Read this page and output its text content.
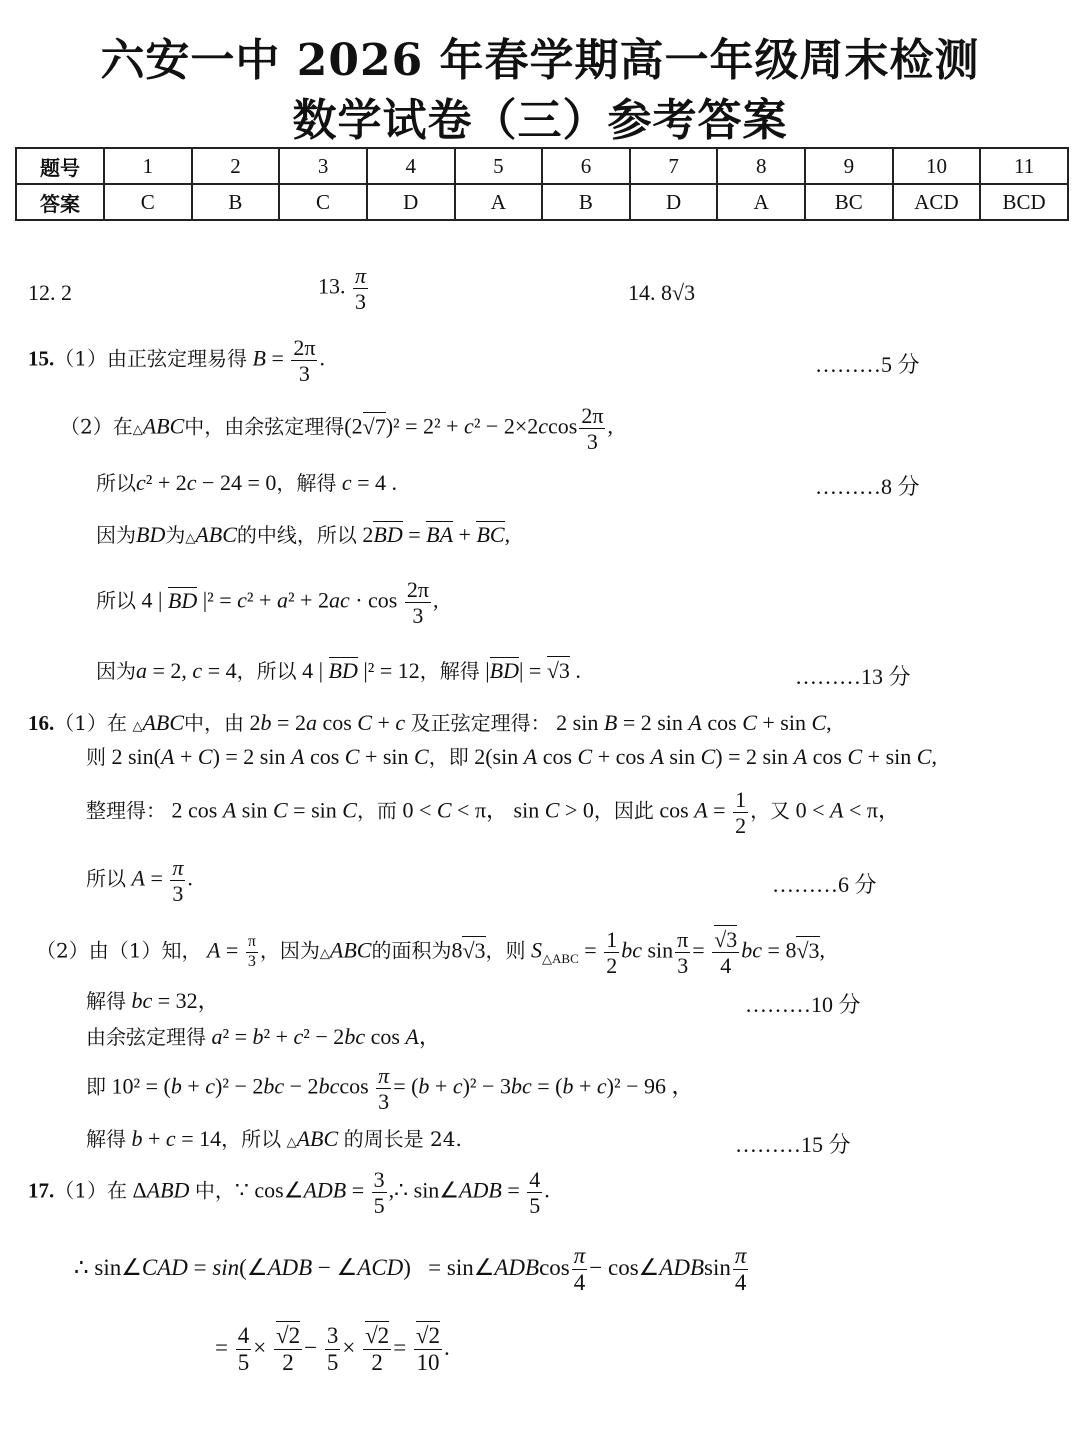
六安一中 2026 年春学期高一年级周末检测
数学试卷（三）参考答案
题号	1	2	3	4	5	6	7	8	9	10	11
答案	C	B	C	D	A	B	D	A	BC	ACD	BCD
12. 2	13. $\frac{\pi}{3}$	14. 8√3
15.（1）由正弦定理易得 $B = \frac{2\pi}{3}$ .	………5 分
（2）在△ABC中，由余弦定理得$(2√7)^2 = 2^2 + c^2 - 2\times 2ccos \frac{2\pi}{3}$ ,
所以c² + 2c − 24 = 0，解得 c = 4 .	………8 分
因为BD为△ABC的中线，所以 2BD = BA + BC,
所以 4 | BD $|^2 = c^2 + a^2 + 2ac \cdot \cos \frac{2\pi}{3}$ ,
因为a = 2, c = 4，所以 4 | BD |² = 12，解得 |BD| = √3 .	………13 分
16.（1）在 △ABC中，由 2b = 2a cos C + c 及正弦定理得： 2 sin B = 2 sin A cos C + sin C,
则 2 sin(A + C) = 2 sin A cos C + sin C，即 2(sin A cos C + cos A sin C) = 2 sin A cos C + sin C,
整理得： 2 cos A sin C = sin C，而 0 < C < π， sin C > 0，因此 $\cos A = \frac{1}{2}$ ，又 0 < A < π，
所以 $A = \frac{\pi}{3}$ .	………6 分
（2）由（1）知， $A = \frac{\pi}{3}$ ，因为△ABC的面积为8√3，则 $S_{\triangle ABC} = \frac{1}{2}$ bc $\sin \frac{\pi}{3} = \frac{√3}{4}$ bc = 8√3,
解得 bc = 32，	………10 分
由余弦定理得 a² = b² + c² − 2bc cos A，
即 $10^2 = (b + c)^2 - 2bc - 2bccos \frac{\pi}{3} = (b + c)^2 - 3bc = (b + c)^2 - 96$ ，
解得 b + c = 14，所以 △ABC 的周长是 24.	………15 分
17.（1）在 ΔABD 中，∵ cos∠ADB = $\frac{3}{5}$ ,∴ sin∠ADB = $\frac{4}{5}$ .
∴ sin∠CAD = sin(∠ADB − ∠ACD)   = sin∠ADBcos $\frac{\pi}{4}$ − cos∠ADBsin $\frac{\pi}{4}$
= $\frac{4}{5} \times \frac{√2}{2} - \frac{3}{5} \times \frac{√2}{2} = \frac{√2}{10}$ .
